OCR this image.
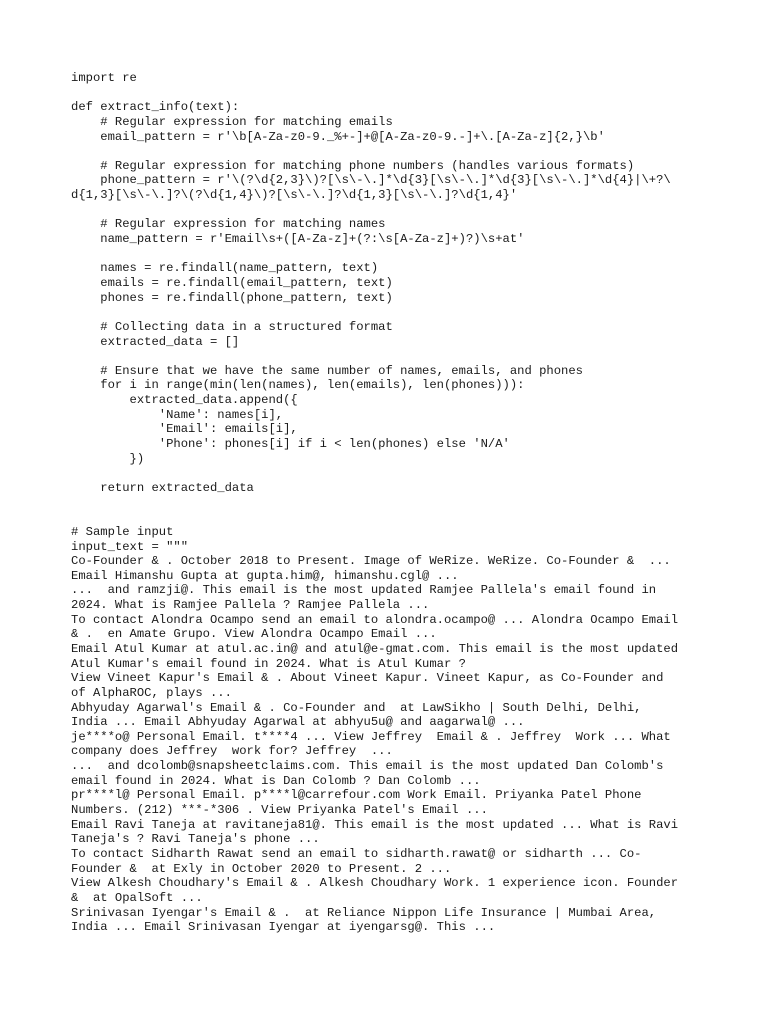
import re
def extract_info(text):
# Regular expression for matching emails
email_pattern = r'\b[A-Za-z0-9._%+-]+@[A-Za-z0-9.-]+\.[A-Za-z]{2,}\b'
# Regular expression for matching phone numbers (handles various formats)
phone_pattern = r'\(?\d{2,3}\)?[\s\-\.]*\d{3}[\s\-\.]*\d{3}[\s\-\.]*\d{4}|\+?\
d{1,3}[\s\-\.]?\(?\d{1,4}\)?[\s\-\.]?\d{1,3}[\s\-\.]?\d{1,4}'
# Regular expression for matching names
name_pattern = r'Email\s+([A-Za-z]+(?:\s[A-Za-z]+)?)\s+at'
names = re.findall(name_pattern, text)
emails = re.findall(email_pattern, text)
phones = re.findall(phone_pattern, text)
# Collecting data in a structured format
extracted_data = []
# Ensure that we have the same number of names, emails, and phones
for i in range(min(len(names), len(emails), len(phones))):
extracted_data.append({
'Name': names[i],
'Email': emails[i],
'Phone': phones[i] if i < len(phones) else 'N/A'
})
return extracted_data
# Sample input
input_text = """
Co-Founder & . October 2018 to Present. Image of WeRize. WeRize. Co-Founder &  ...
Email Himanshu Gupta at gupta.him@, himanshu.cgl@ ...
...  and ramzji@. This email is the most updated Ramjee Pallela's email found in
2024. What is Ramjee Pallela ? Ramjee Pallela ...
To contact Alondra Ocampo send an email to alondra.ocampo@ ... Alondra Ocampo Email
& .  en Amate Grupo. View Alondra Ocampo Email ...
Email Atul Kumar at atul.ac.in@ and atul@e-gmat.com. This email is the most updated
Atul Kumar's email found in 2024. What is Atul Kumar ?
View Vineet Kapur's Email & . About Vineet Kapur. Vineet Kapur, as Co-Founder and
of AlphaROC, plays ...
Abhyuday Agarwal's Email & . Co-Founder and  at LawSikho | South Delhi, Delhi,
India ... Email Abhyuday Agarwal at abhyu5u@ and aagarwal@ ...
je****o@ Personal Email. t****4 ... View Jeffrey  Email & . Jeffrey  Work ... What
company does Jeffrey  work for? Jeffrey  ...
...  and dcolomb@snapsheetclaims.com. This email is the most updated Dan Colomb's
email found in 2024. What is Dan Colomb ? Dan Colomb ...
pr****l@ Personal Email. p****l@carrefour.com Work Email. Priyanka Patel Phone
Numbers. (212) ***-*306 . View Priyanka Patel's Email ...
Email Ravi Taneja at ravitaneja81@. This email is the most updated ... What is Ravi
Taneja's ? Ravi Taneja's phone ...
To contact Sidharth Rawat send an email to sidharth.rawat@ or sidharth ... Co-
Founder &  at Exly in October 2020 to Present. 2 ...
View Alkesh Choudhary's Email & . Alkesh Choudhary Work. 1 experience icon. Founder
&  at OpalSoft ...
Srinivasan Iyengar's Email & .  at Reliance Nippon Life Insurance | Mumbai Area,
India ... Email Srinivasan Iyengar at iyengarsg@. This ...
